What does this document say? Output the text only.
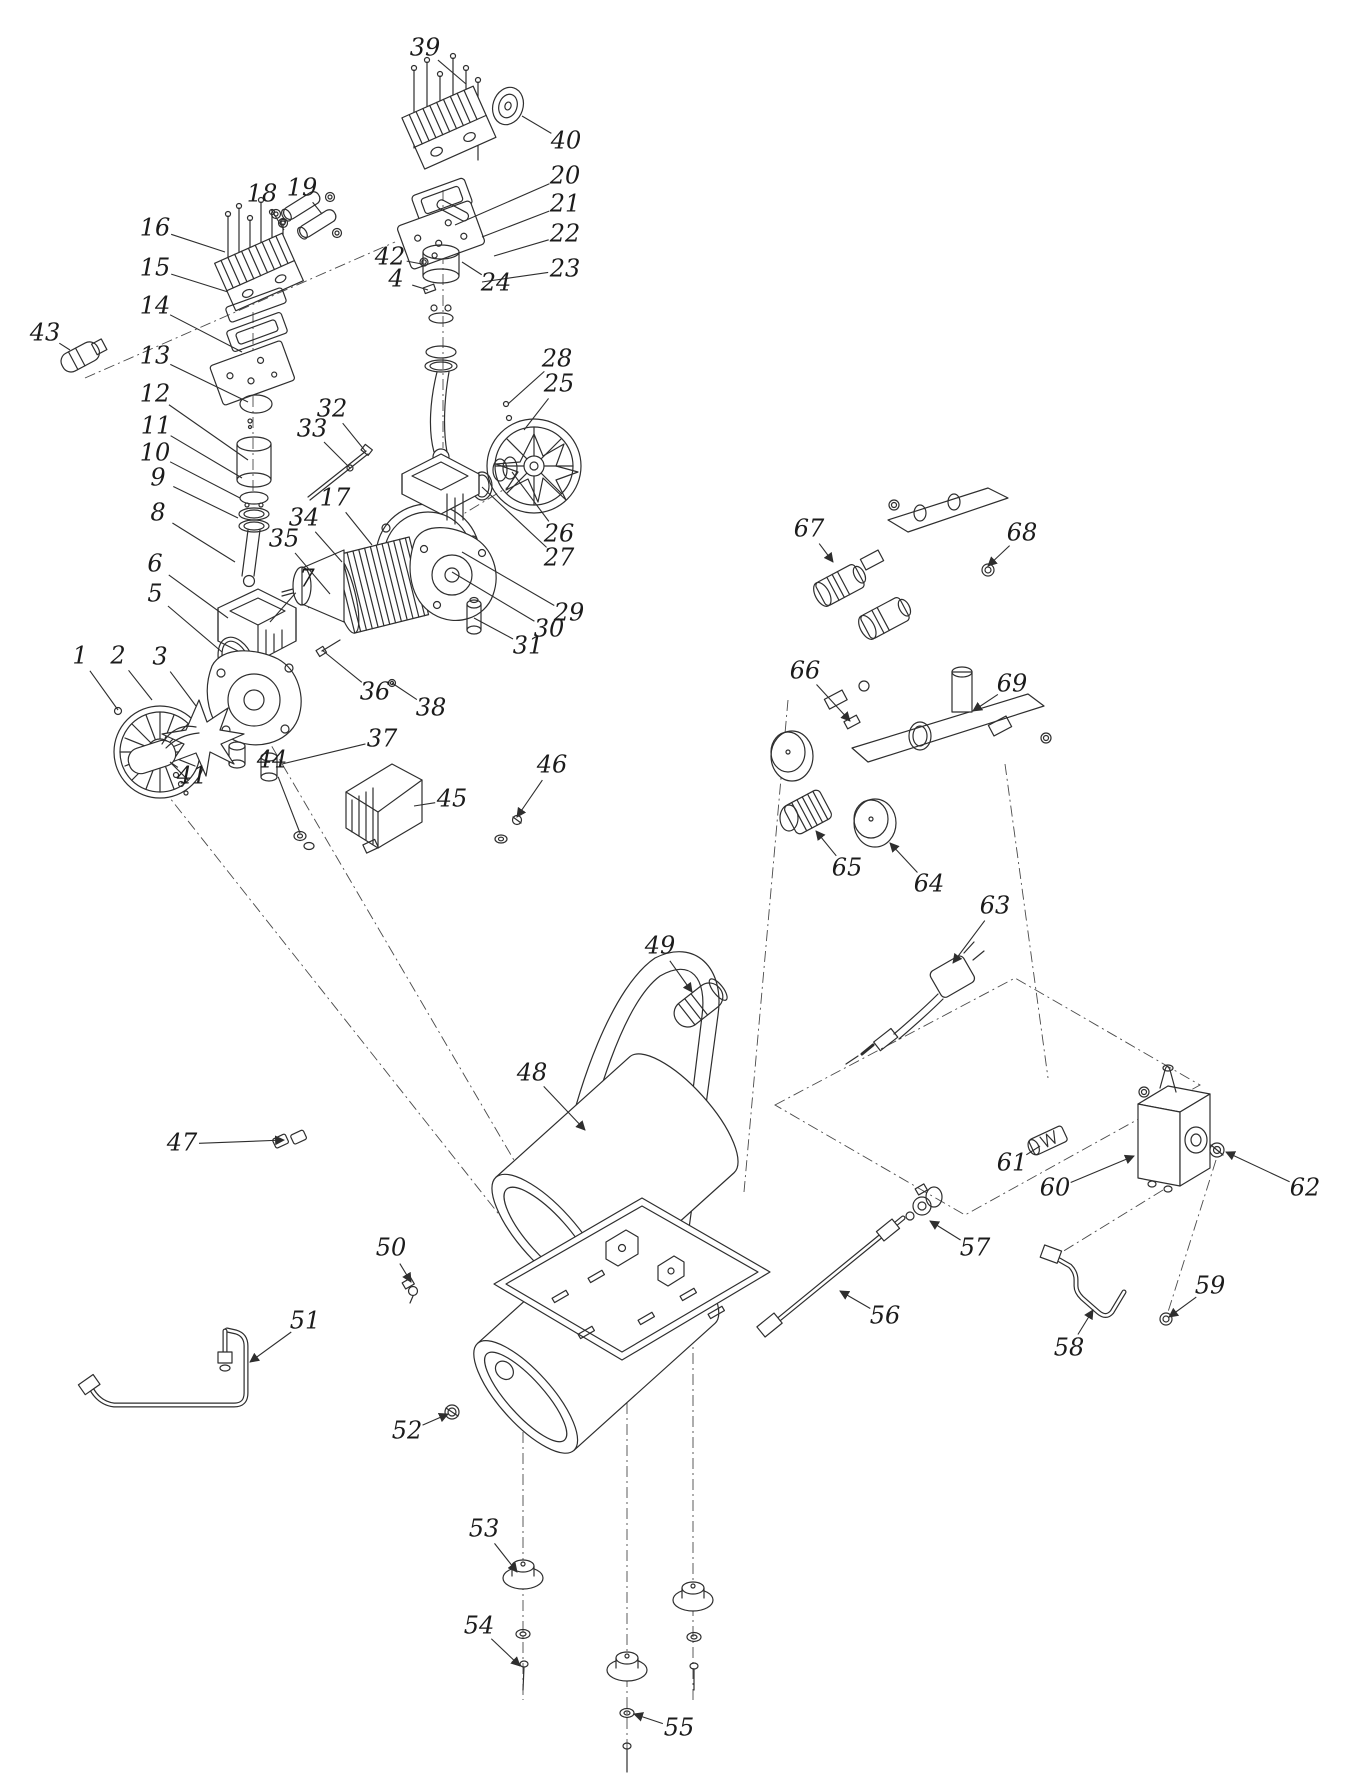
1 2 3
4
5
6
7
8
9
10
11
12
13
14
15
16
17
18 19	20
21
22
23
24
25
26
27
28
29
30
31
32
33
34
35
36
37
38
39
40
41
42
43
44
45
46
47
48
49
50
51
52
53
54
55
56
57
58
59
60
61
62
63
64
65
66
67	68
69
